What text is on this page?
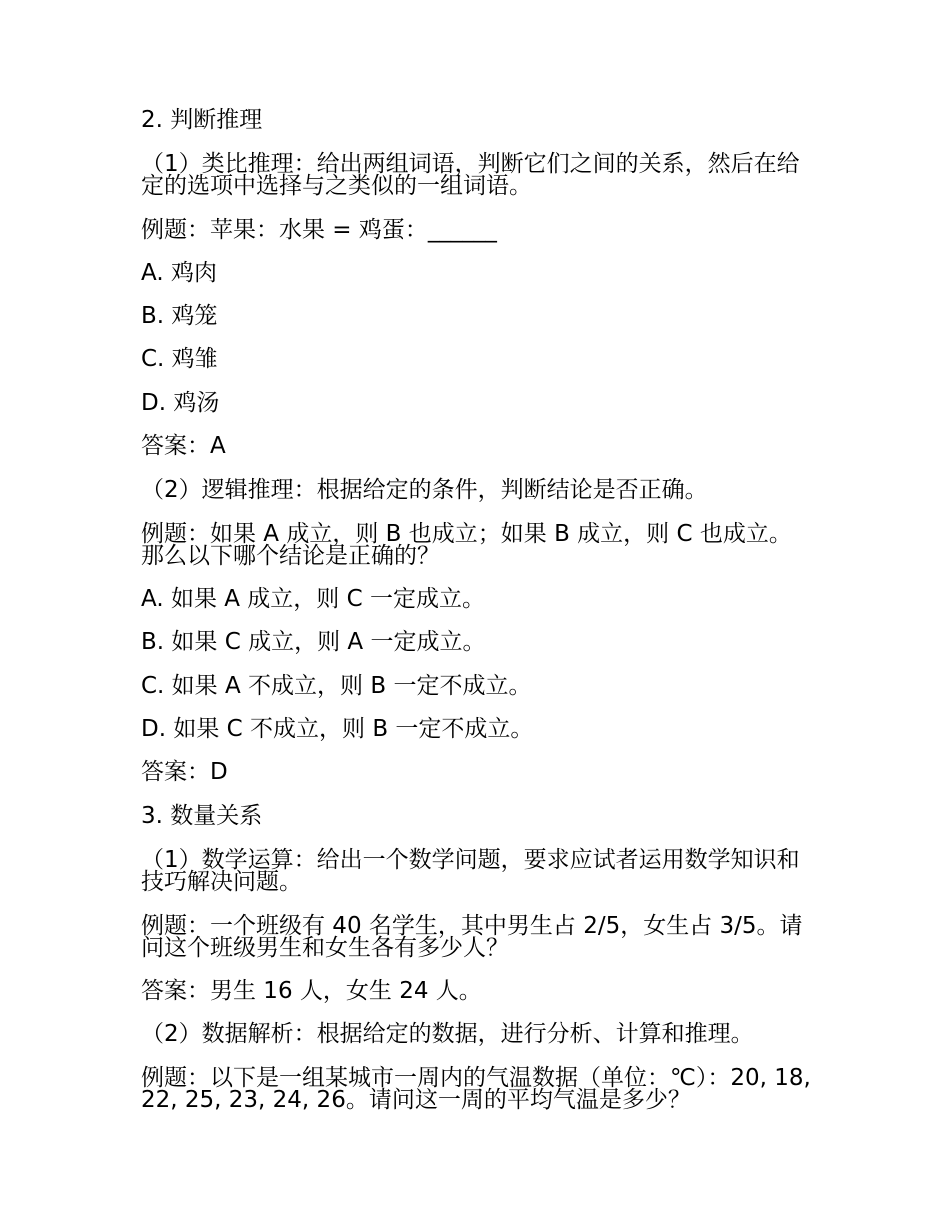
2. 判断推理
（1）类比推理：给出两组词语，判断它们之间的关系，然后在给定的选项中选择与之类似的一组词语。
例题：苹果：水果 = 鸡蛋：______
A. 鸡肉
B. 鸡笼
C. 鸡雏
D. 鸡汤
答案：A
（2）逻辑推理：根据给定的条件，判断结论是否正确。
例题：如果 A 成立，则 B 也成立；如果 B 成立，则 C 也成立。那么以下哪个结论是正确的？
A. 如果 A 成立，则 C 一定成立。
B. 如果 C 成立，则 A 一定成立。
C. 如果 A 不成立，则 B 一定不成立。
D. 如果 C 不成立，则 B 一定不成立。
答案：D
3. 数量关系
（1）数学运算：给出一个数学问题，要求应试者运用数学知识和技巧解决问题。
例题：一个班级有 40 名学生，其中男生占 2/5，女生占 3/5。请问这个班级男生和女生各有多少人？
答案：男生 16 人，女生 24 人。
（2）数据解析：根据给定的数据，进行分析、计算和推理。
例题：以下是一组某城市一周内的气温数据（单位：℃）：20, 18, 22, 25, 23, 24, 26。请问这一周的平均气温是多少？
